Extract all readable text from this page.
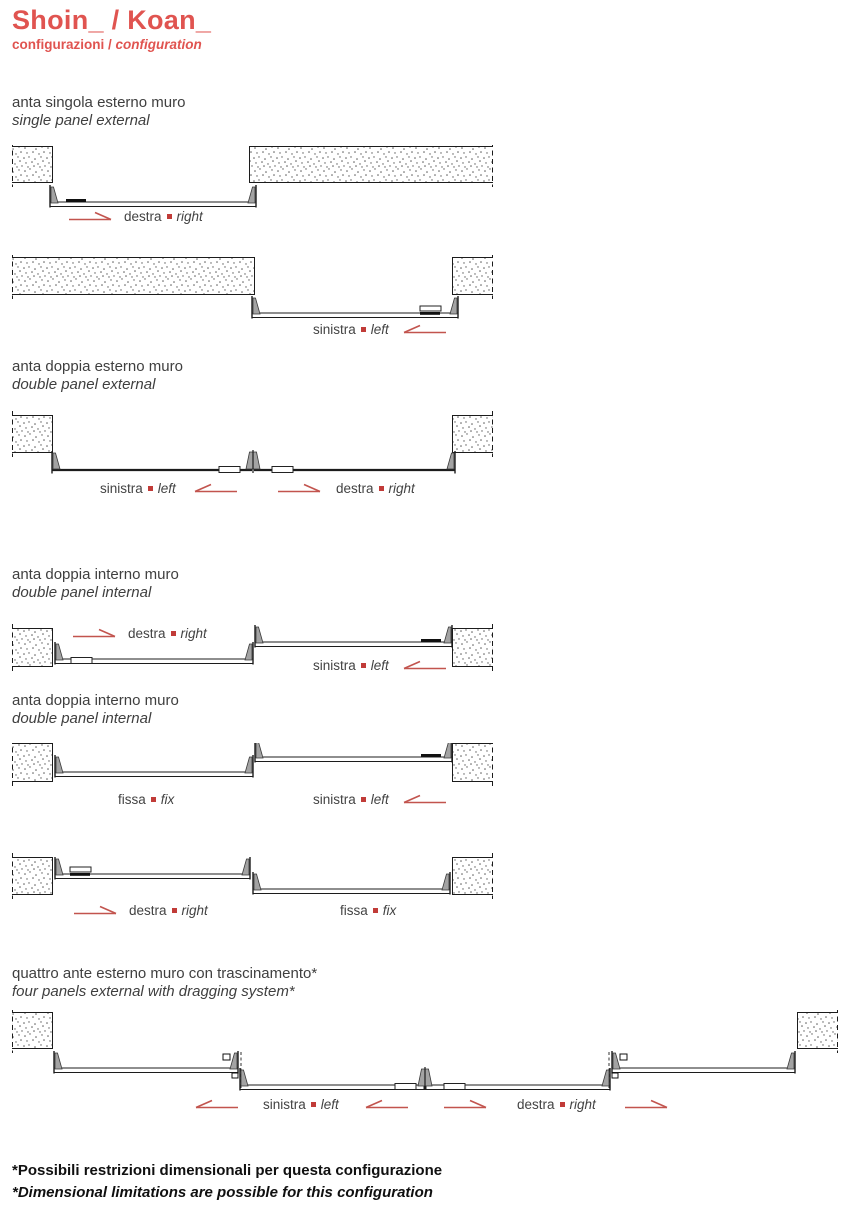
Shoin_ / Koan_
configurazioni / configuration
anta singola esterno muro
single panel external
anta doppia esterno muro
double panel external
anta doppia interno muro
double panel internal
anta doppia interno muro
double panel internal
quattro ante esterno muro con trascinamento*
four panels external with dragging system*
destra right
sinistra left
sinistra left	destra right
destra right
sinistra left
fissa fix	sinistra left
destra right	fissa fix
sinistra left	destra right
*Possibili restrizioni dimensionali per questa configurazione
*Dimensional limitations are possible for this configuration
